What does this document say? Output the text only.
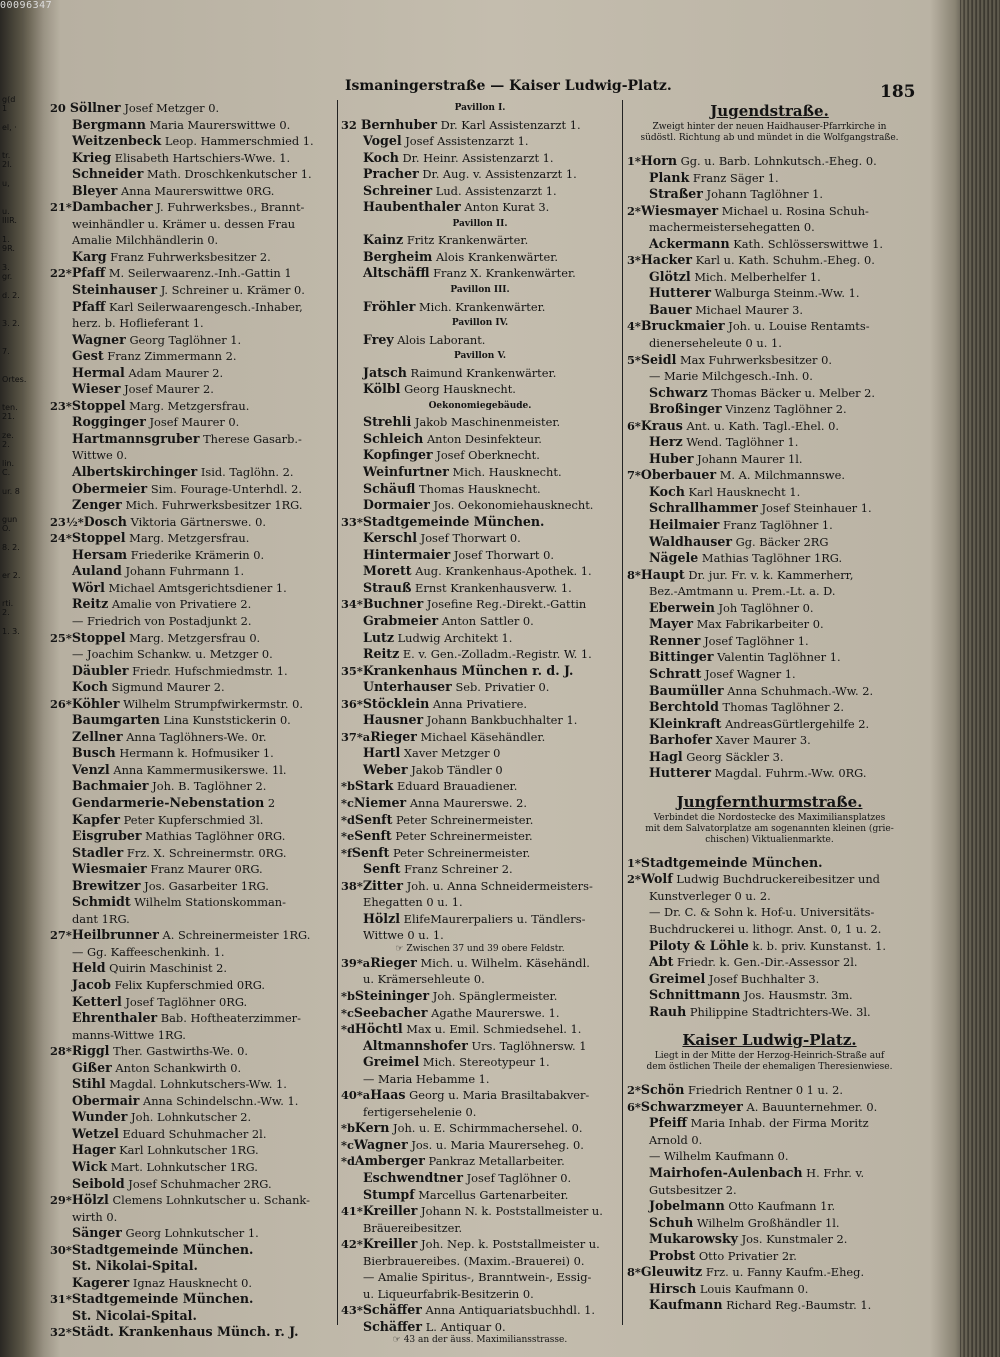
g(d 1
el, ·
tr. 2l.
u,
u. IIIR.
1. 9R.
3. gr.
d. 2.
3. 2.
7.
Ortes.
ten. 21.
ze. 2.
lin. C.
ur. 8
gun O.
8. 2.
er 2.
rti. 2.
1. 3.
00096347
Ismaningerstraße — Kaiser Ludwig-Platz.	185
20 Söllner Josef Metzger 0.
Bergmann Maria Maurerswittwe 0.
Weitzenbeck Leop. Hammerschmied 1.
Krieg Elisabeth Hartschiers-Wwe. 1.
Schneider Math. Droschkenkutscher 1.
Bleyer Anna Maurerswittwe 0RG.
21*Dambacher J. Fuhrwerksbes., Brannt-
weinhändler u. Krämer u. dessen Frau
Amalie Milchhändlerin 0.
Karg Franz Fuhrwerksbesitzer 2.
22*Pfaff M. Seilerwaarenz.-Inh.-Gattin 1
Steinhauser J. Schreiner u. Krämer 0.
Pfaff Karl Seilerwaarengesch.-Inhaber,
herz. b. Hoflieferant 1.
Wagner Georg Taglöhner 1.
Gest Franz Zimmermann 2.
Hermal Adam Maurer 2.
Wieser Josef Maurer 2.
23*Stoppel Marg. Metzgersfrau.
Rogginger Josef Maurer 0.
Hartmannsgruber Therese Gasarb.-
Wittwe 0.
Albertskirchinger Isid. Taglöhn. 2.
Obermeier Sim. Fourage-Unterhdl. 2.
Zenger Mich. Fuhrwerksbesitzer 1RG.
23½*Dosch Viktoria Gärtnerswe. 0.
24*Stoppel Marg. Metzgersfrau.
Hersam Friederike Krämerin 0.
Auland Johann Fuhrmann 1.
Wörl Michael Amtsgerichtsdiener 1.
Reitz Amalie von Privatiere 2.
— Friedrich von Postadjunkt 2.
25*Stoppel Marg. Metzgersfrau 0.
— Joachim Schankw. u. Metzger 0.
Däubler Friedr. Hufschmiedmstr. 1.
Koch Sigmund Maurer 2.
26*Köhler Wilhelm Strumpfwirkermstr. 0.
Baumgarten Lina Kunststickerin 0.
Zellner Anna Taglöhners-We. 0r.
Busch Hermann k. Hofmusiker 1.
Venzl Anna Kammermusikerswe. 1l.
Bachmaier Joh. B. Taglöhner 2.
Gendarmerie-Nebenstation 2
Kapfer Peter Kupferschmied 3l.
Eisgruber Mathias Taglöhner 0RG.
Stadler Frz. X. Schreinermstr. 0RG.
Wiesmaier Franz Maurer 0RG.
Brewitzer Jos. Gasarbeiter 1RG.
Schmidt Wilhelm Stationskomman-
dant 1RG.
27*Heilbrunner A. Schreinermeister 1RG.
— Gg. Kaffeeschenkinh. 1.
Held Quirin Maschinist 2.
Jacob Felix Kupferschmied 0RG.
Ketterl Josef Taglöhner 0RG.
Ehrenthaler Bab. Hoftheaterzimmer-
manns-Wittwe 1RG.
28*Riggl Ther. Gastwirths-We. 0.
Gißer Anton Schankwirth 0.
Stihl Magdal. Lohnkutschers-Ww. 1.
Obermair Anna Schindelschn.-Ww. 1.
Wunder Joh. Lohnkutscher 2.
Wetzel Eduard Schuhmacher 2l.
Hager Karl Lohnkutscher 1RG.
Wick Mart. Lohnkutscher 1RG.
Seibold Josef Schuhmacher 2RG.
29*Hölzl Clemens Lohnkutscher u. Schank-
wirth 0.
Sänger Georg Lohnkutscher 1.
30*Stadtgemeinde München.
St. Nikolai-Spital.
Kagerer Ignaz Hausknecht 0.
31*Stadtgemeinde München.
St. Nicolai-Spital.
32*Städt. Krankenhaus Münch. r. J.
Pavillon I.
32 Bernhuber Dr. Karl Assistenzarzt 1.
Vogel Josef Assistenzarzt 1.
Koch Dr. Heinr. Assistenzarzt 1.
Pracher Dr. Aug. v. Assistenzarzt 1.
Schreiner Lud. Assistenzarzt 1.
Haubenthaler Anton Kurat 3.
Pavillon II.
Kainz Fritz Krankenwärter.
Bergheim Alois Krankenwärter.
Altschäffl Franz X. Krankenwärter.
Pavillon III.
Fröhler Mich. Krankenwärter.
Pavillon IV.
Frey Alois Laborant.
Pavillon V.
Jatsch Raimund Krankenwärter.
Kölbl Georg Hausknecht.
Oekonomiegebäude.
Strehli Jakob Maschinenmeister.
Schleich Anton Desinfekteur.
Kopfinger Josef Oberknecht.
Weinfurtner Mich. Hausknecht.
Schäufl Thomas Hausknecht.
Dormaier Jos. Oekonomiehausknecht.
33*Stadtgemeinde München.
Kerschl Josef Thorwart 0.
Hintermaier Josef Thorwart 0.
Morett Aug. Krankenhaus-Apothek. 1.
Strauß Ernst Krankenhausverw. 1.
34*Buchner Josefine Reg.-Direkt.-Gattin
Grabmeier Anton Sattler 0.
Lutz Ludwig Architekt 1.
Reitz E. v. Gen.-Zolladm.-Registr. W. 1.
35*Krankenhaus München r. d. J.
Unterhauser Seb. Privatier 0.
36*Stöcklein Anna Privatiere.
Hausner Johann Bankbuchhalter 1.
37*aRieger Michael Käsehändler.
Hartl Xaver Metzger 0
Weber Jakob Tändler 0
*bStark Eduard Brauadiener.
*cNiemer Anna Maurerswe. 2.
*dSenft Peter Schreinermeister.
*eSenft Peter Schreinermeister.
*fSenft Peter Schreinermeister.
Senft Franz Schreiner 2.
38*Zitter Joh. u. Anna Schneidermeisters-
Ehegatten 0 u. 1.
Hölzl ElifeMaurerpaliers u. Tändlers-
Wittwe 0 u. 1.
☞ Zwischen 37 und 39 obere Feldstr.
39*aRieger Mich. u. Wilhelm. Käsehändl.
u. Krämersehleute 0.
*bSteininger Joh. Spänglermeister.
*cSeebacher Agathe Maurerswe. 1.
*dHöchtl Max u. Emil. Schmiedsehel. 1.
Altmannshofer Urs. Taglöhnersw. 1
Greimel Mich. Stereotypeur 1.
— Maria Hebamme 1.
40*aHaas Georg u. Maria Brasiltabakver-
fertigersehelenie 0.
*bKern Joh. u. E. Schirmmachersehel. 0.
*cWagner Jos. u. Maria Maurerseheg. 0.
*dAmberger Pankraz Metallarbeiter.
Eschwendtner Josef Taglöhner 0.
Stumpf Marcellus Gartenarbeiter.
41*Kreiller Johann N. k. Poststallmeister u.
Bräuereibesitzer.
42*Kreiller Joh. Nep. k. Poststallmeister u.
Bierbrauereibes. (Maxim.-Brauerei) 0.
— Amalie Spiritus-, Branntwein-, Essig-
u. Liqueurfabrik-Besitzerin 0.
43*Schäffer Anna Antiquariatsbuchhdl. 1.
Schäffer L. Antiquar 0.
☞ 43 an der äuss. Maximiliansstrasse.
Jugendstraße.
Zweigt hinter der neuen Haidhauser-Pfarrkirche in
südöstl. Richtung ab und mündet in die Wolfgangstraße.
1*Horn Gg. u. Barb. Lohnkutsch.-Eheg. 0.
Plank Franz Säger 1.
Straßer Johann Taglöhner 1.
2*Wiesmayer Michael u. Rosina Schuh-
machermeistersehegatten 0.
Ackermann Kath. Schlösserswittwe 1.
3*Hacker Karl u. Kath. Schuhm.-Eheg. 0.
Glötzl Mich. Melberhelfer 1.
Hutterer Walburga Steinm.-Ww. 1.
Bauer Michael Maurer 3.
4*Bruckmaier Joh. u. Louise Rentamts-
dienerseheleute 0 u. 1.
5*Seidl Max Fuhrwerksbesitzer 0.
— Marie Milchgesch.-Inh. 0.
Schwarz Thomas Bäcker u. Melber 2.
Broßinger Vinzenz Taglöhner 2.
6*Kraus Ant. u. Kath. Tagl.-Ehel. 0.
Herz Wend. Taglöhner 1.
Huber Johann Maurer 1l.
7*Oberbauer M. A. Milchmannswe.
Koch Karl Hausknecht 1.
Schrallhammer Josef Steinhauer 1.
Heilmaier Franz Taglöhner 1.
Waldhauser Gg. Bäcker 2RG
Nägele Mathias Taglöhner 1RG.
8*Haupt Dr. jur. Fr. v. k. Kammerherr,
Bez.-Amtmann u. Prem.-Lt. a. D.
Eberwein Joh Taglöhner 0.
Mayer Max Fabrikarbeiter 0.
Renner Josef Taglöhner 1.
Bittinger Valentin Taglöhner 1.
Schratt Josef Wagner 1.
Baumüller Anna Schuhmach.-Ww. 2.
Berchtold Thomas Taglöhner 2.
Kleinkraft AndreasGürtlergehilfe 2.
Barhofer Xaver Maurer 3.
Hagl Georg Säckler 3.
Hutterer Magdal. Fuhrm.-Ww. 0RG.
Jungfernthurmstraße.
Verbindet die Nordostecke des Maximiliansplatzes
mit dem Salvatorplatze am sogenannten kleinen (grie-
chischen) Viktualienmarkte.
1*Stadtgemeinde München.
2*Wolf Ludwig Buchdruckereibesitzer und
Kunstverleger 0 u. 2.
— Dr. C. & Sohn k. Hof-u. Universitäts-
Buchdruckerei u. lithogr. Anst. 0, 1 u. 2.
Piloty & Löhle k. b. priv. Kunstanst. 1.
Abt Friedr. k. Gen.-Dir.-Assessor 2l.
Greimel Josef Buchhalter 3.
Schnittmann Jos. Hausmstr. 3m.
Rauh Philippine Stadtrichters-We. 3l.
Kaiser Ludwig-Platz.
Liegt in der Mitte der Herzog-Heinrich-Straße auf
dem östlichen Theile der ehemaligen Theresienwiese.
2*Schön Friedrich Rentner 0 1 u. 2.
6*Schwarzmeyer A. Bauunternehmer. 0.
Pfeiff Maria Inhab. der Firma Moritz
Arnold 0.
— Wilhelm Kaufmann 0.
Mairhofen-Aulenbach H. Frhr. v.
Gutsbesitzer 2.
Jobelmann Otto Kaufmann 1r.
Schuh Wilhelm Großhändler 1l.
Mukarowsky Jos. Kunstmaler 2.
Probst Otto Privatier 2r.
8*Gleuwitz Frz. u. Fanny Kaufm.-Eheg.
Hirsch Louis Kaufmann 0.
Kaufmann Richard Reg.-Baumstr. 1.
